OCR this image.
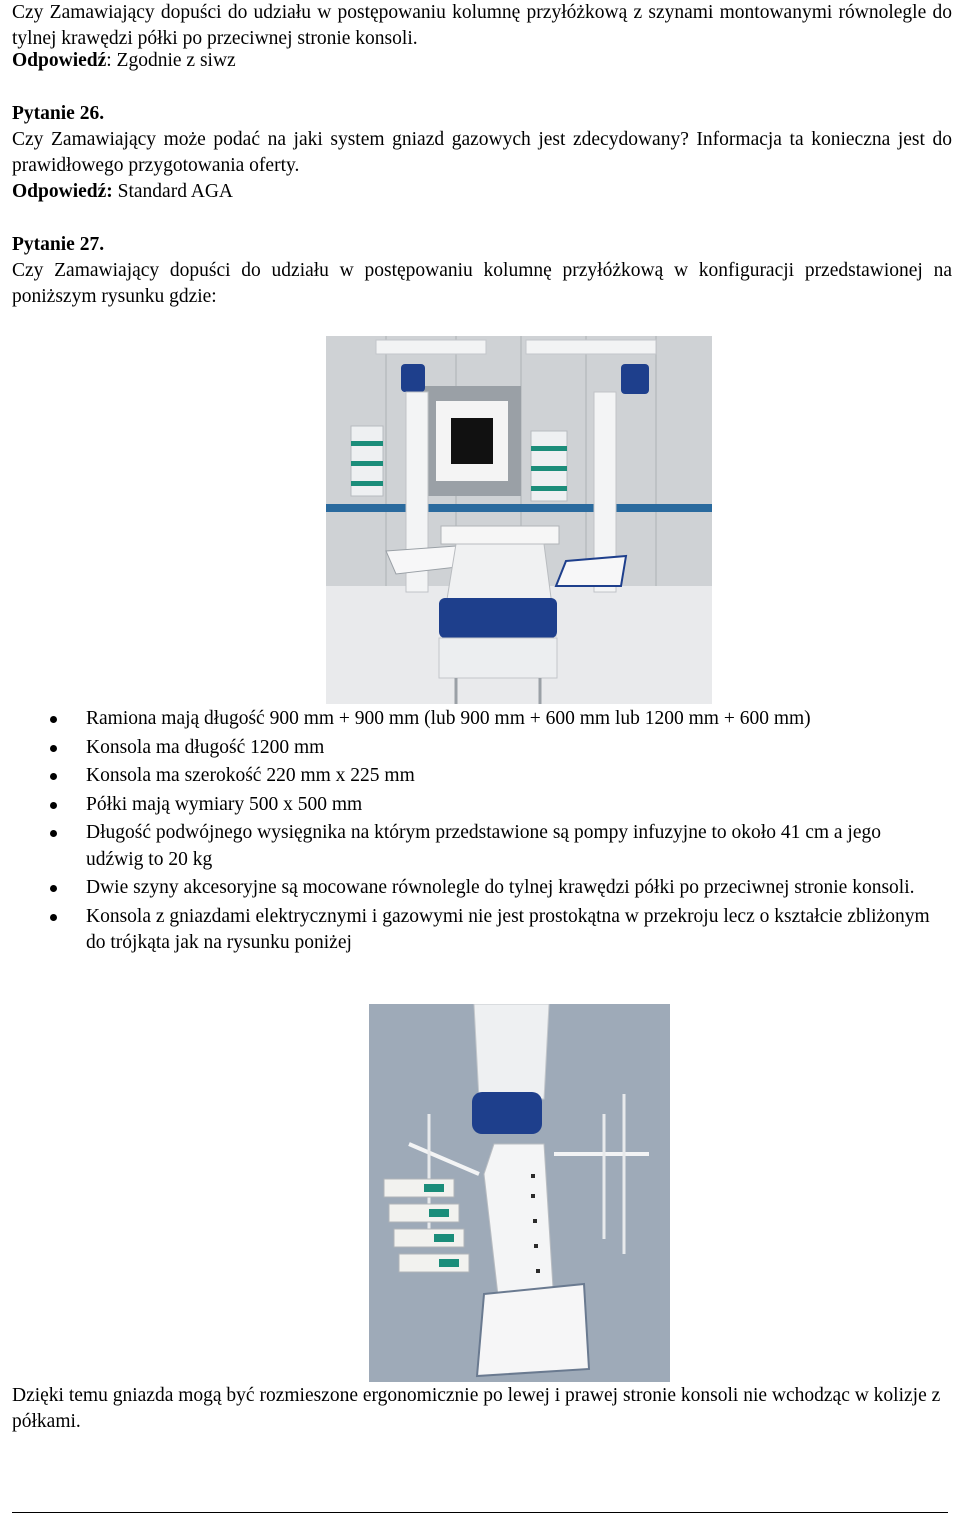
Czy Zamawiający dopuści do udziału w postępowaniu kolumnę przyłóżkową z szynami montowanymi równolegle do tylnej krawędzi półki po przeciwnej stronie konsoli.

Odpowiedź: Zgodnie z siwz

Pytanie 26.

Czy Zamawiający może podać na jaki system gniazd gazowych jest zdecydowany? Informacja ta konieczna jest do prawidłowego przygotowania oferty.

Odpowiedź: Standard AGA

Pytanie 27.

Czy Zamawiający dopuści do udziału w postępowaniu kolumnę przyłóżkową w konfiguracji przedstawionej na poniższym rysunku gdzie:

Ramiona mają długość 900 mm + 900 mm (lub 900 mm + 600 mm lub 1200 mm + 600 mm)
Konsola ma długość 1200 mm
Konsola ma szerokość 220 mm x 225 mm
Półki mają wymiary 500 x 500 mm
Długość podwójnego wysięgnika na którym przedstawione są pompy infuzyjne to około 41 cm a jego udźwig to 20 kg
Dwie szyny akcesoryjne są mocowane równolegle do tylnej krawędzi półki po przeciwnej stronie konsoli.
Konsola z gniazdami elektrycznymi i gazowymi nie jest prostokątna w przekroju lecz o kształcie zbliżonym do trójkąta jak na rysunku poniżej

Dzięki temu gniazda mogą być rozmieszone ergonomicznie po lewej i prawej stronie konsoli nie wchodząc w kolizje z półkami.
